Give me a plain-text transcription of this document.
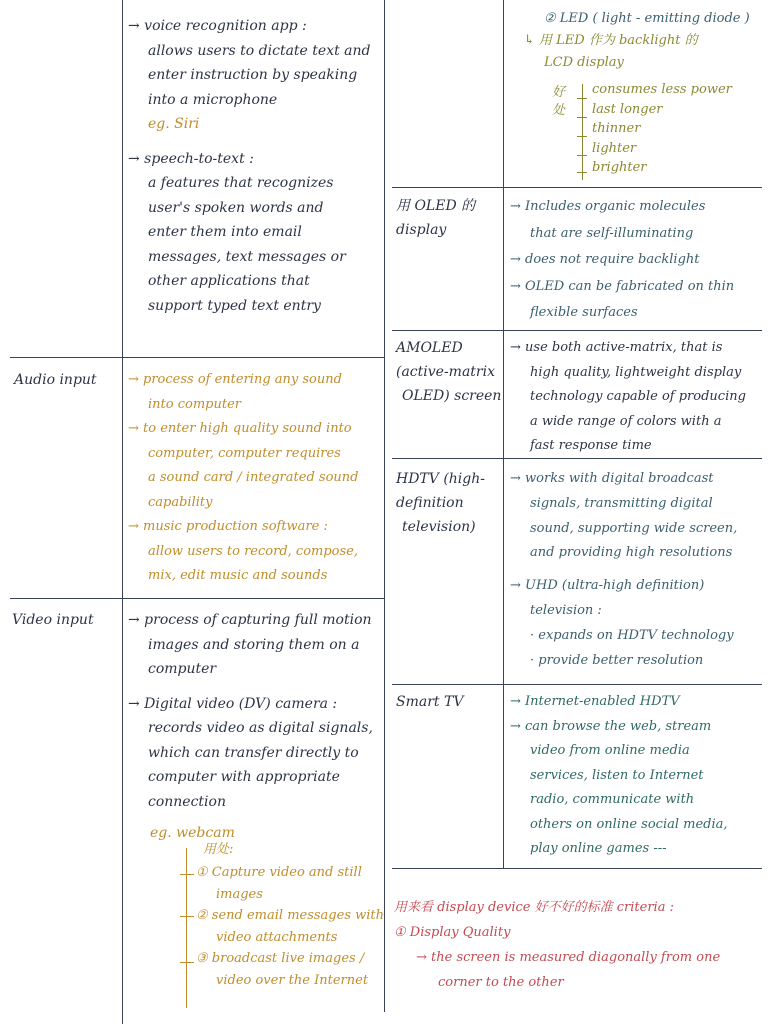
→ voice recognition app :

allows users to dictate text and

enter instruction by speaking

into a microphone

eg. Siri

→ speech-to-text :

a features that recognizes

user's spoken words and

enter them into email

messages, text messages or

other applications that

support typed text entry

Audio input → process of entering any sound

into computer

→ to enter high quality sound into

computer, computer requires

a sound card / integrated sound

capability

→ music production software :

allow users to record, compose,

mix, edit music and sounds

Video input → process of capturing full motion

images and storing them on a

computer

→ Digital video (DV) camera :

records video as digital signals,

which can transfer directly to

computer with appropriate

connection

eg. webcam

用处:

① Capture video and still

images

② send email messages with

video attachments

③ broadcast live images /

video over the Internet

② LED ( light - emitting diode )

↳ 用 LED 作为 backlight 的

LCD display

好处

consumes less power

last longer

thinner

lighter

brighter

用 OLED 的

display

→ Includes organic molecules

that are self-illuminating

→ does not require backlight

→ OLED can be fabricated on thin

flexible surfaces

AMOLED

(active-matrix

OLED) screen

→ use both active-matrix, that is

high quality, lightweight display

technology capable of producing

a wide range of colors with a

fast response time

HDTV (high-

definition

television)

→ works with digital broadcast

signals, transmitting digital

sound, supporting wide screen,

and providing high resolutions

→ UHD (ultra-high definition)

television :

· expands on HDTV technology

· provide better resolution

Smart TV	→ Internet-enabled HDTV

→ can browse the web, stream

video from online media

services, listen to Internet

radio, communicate with

others on online social media,

play online games ---

用来看 display device 好不好的标准 criteria :

① Display Quality

→ the screen is measured diagonally from one

corner to the other
